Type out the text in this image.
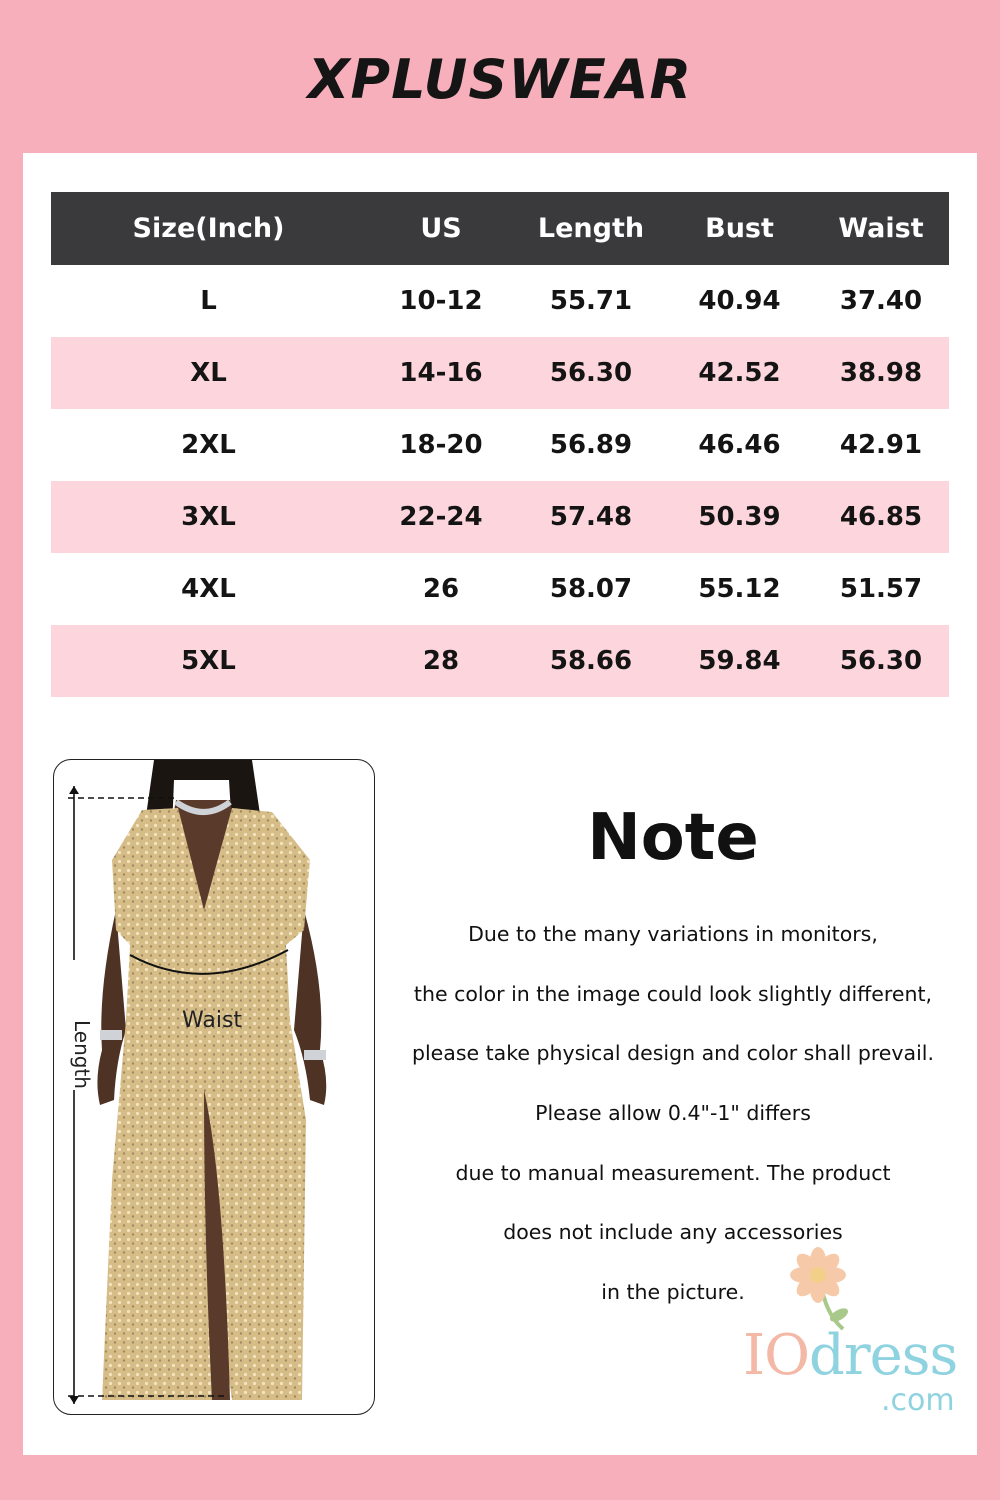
XPLUSWEAR
Size(Inch)	US	Length	Bust	Waist
L	10-12	55.71	40.94	37.40
XL	14-16	56.30	42.52	38.98
2XL	18-20	56.89	46.46	42.91
3XL	22-24	57.48	50.39	46.85
4XL	26	58.07	55.12	51.57
5XL	28	58.66	59.84	56.30
Waist
Length
Note
Due to the many variations in monitors,
the color in the image could look slightly different,
please take physical design and color shall prevail.
Please allow 0.4"-1" differs
due to manual measurement. The product
does not include any accessories
in the picture.
IOdress
.com
